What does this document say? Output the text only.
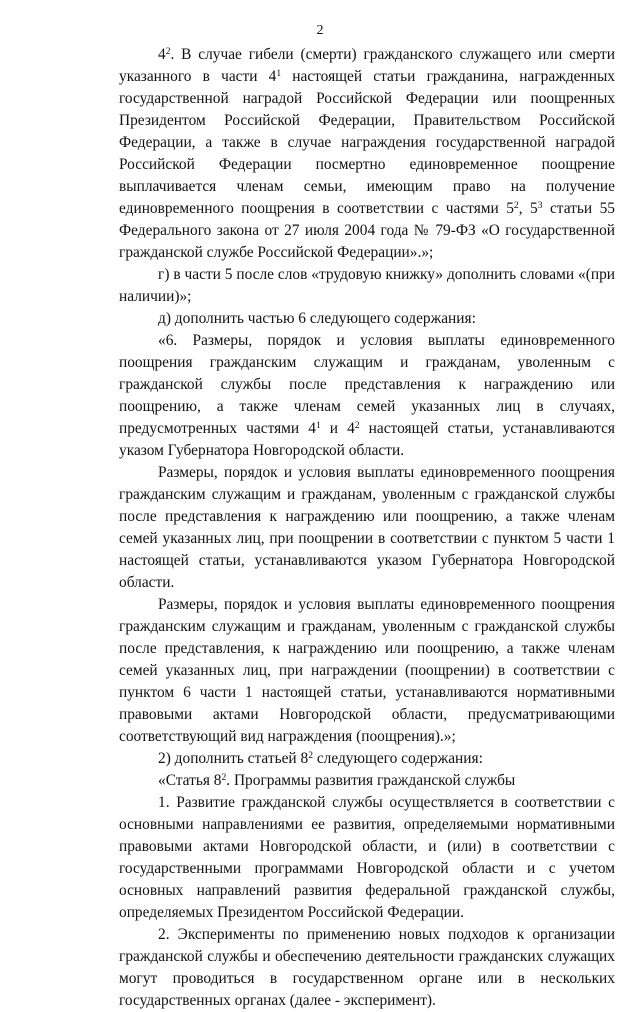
2

$4^2$. В случае гибели (смерти) гражданского служащего или смерти указанного в части $4^1$ настоящей статьи гражданина, награжденных государственной наградой Российской Федерации или поощренных Президентом Российской Федерации, Правительством Российской Федерации, а также в случае награждения государственной наградой Российской Федерации посмертно единовременное поощрение выплачивается членам семьи, имеющим право на получение единовременного поощрения в соответствии с частями $5^2$, $5^3$ статьи 55 Федерального закона от 27 июля 2004 года № 79-ФЗ «О государственной гражданской службе Российской Федерации».»;

г) в части 5 после слов «трудовую книжку» дополнить словами «(при наличии)»;

д) дополнить частью 6 следующего содержания:

«6. Размеры, порядок и условия выплаты единовременного поощрения гражданским служащим и гражданам, уволенным с гражданской службы после представления к награждению или поощрению, а также членам семей указанных лиц в случаях, предусмотренных частями $4^1$ и $4^2$ настоящей статьи, устанавливаются указом Губернатора Новгородской области.

Размеры, порядок и условия выплаты единовременного поощрения гражданским служащим и гражданам, уволенным с гражданской службы после представления к награждению или поощрению, а также членам семей указанных лиц, при поощрении в соответствии с пунктом 5 части 1 настоящей статьи, устанавливаются указом Губернатора Новгородской области.

Размеры, порядок и условия выплаты единовременного поощрения гражданским служащим и гражданам, уволенным с гражданской службы после представления, к награждению или поощрению, а также членам семей указанных лиц, при награждении (поощрении) в соответствии с пунктом 6 части 1 настоящей статьи, устанавливаются нормативными правовыми актами Новгородской области, предусматривающими соответствующий вид награждения (поощрения).»;

2) дополнить статьей $8^2$ следующего содержания:

«Статья $8^2$. Программы развития гражданской службы

1. Развитие гражданской службы осуществляется в соответствии с основными направлениями ее развития, определяемыми нормативными правовыми актами Новгородской области, и (или) в соответствии с государственными программами Новгородской области и с учетом основных направлений развития федеральной гражданской службы, определяемых Президентом Российской Федерации.

2. Эксперименты по применению новых подходов к организации гражданской службы и обеспечению деятельности гражданских служащих могут проводиться в государственном органе или в нескольких государственных органах (далее - эксперимент).
